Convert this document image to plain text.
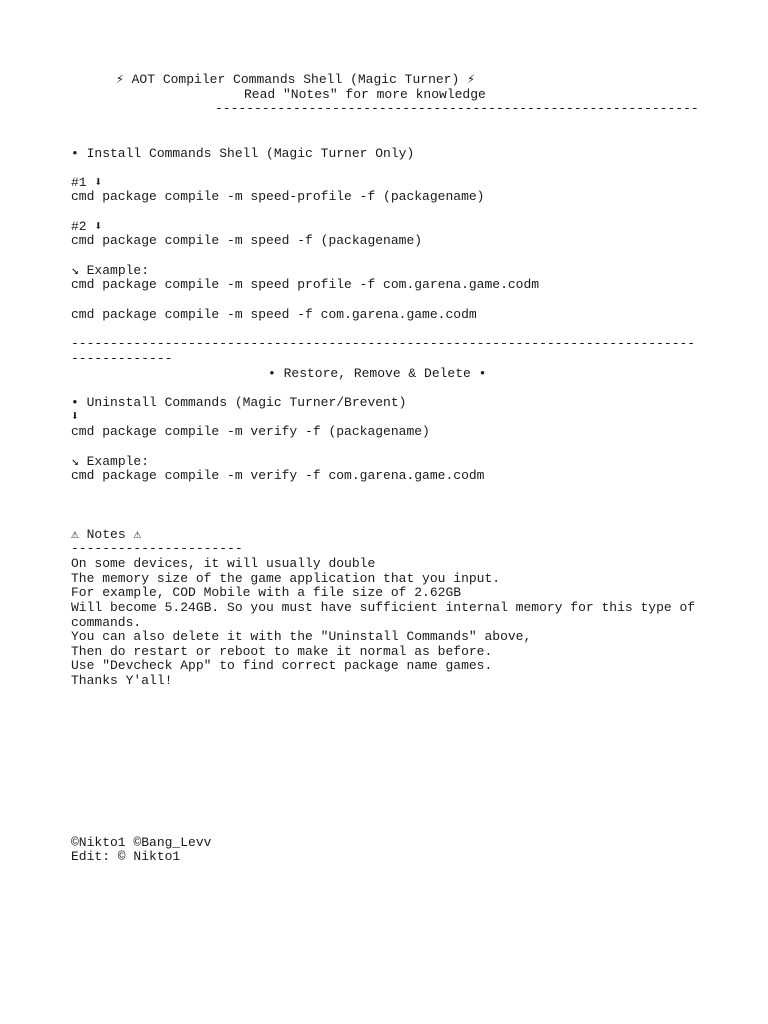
⚡ AOT Compiler Commands Shell (Magic Turner) ⚡
Read "Notes" for more knowledge
--------------------------------------------------------------
• Install Commands Shell (Magic Turner Only)
#1 ⬇
cmd package compile -m speed-profile -f (packagename)
#2 ⬇
cmd package compile -m speed -f (packagename)
↘ Example:
cmd package compile -m speed profile -f com.garena.game.codm
cmd package compile -m speed -f com.garena.game.codm
---------------------------------------------------------------------------------------------
• Restore, Remove & Delete •
• Uninstall Commands (Magic Turner/Brevent)
⬇
cmd package compile -m verify -f (packagename)
↘ Example:
cmd package compile -m verify -f com.garena.game.codm
⚠ Notes ⚠
----------------------
On some devices, it will usually double
The memory size of the game application that you input.
For example, COD Mobile with a file size of 2.62GB
Will become 5.24GB. So you must have sufficient internal memory for this type of commands.
You can also delete it with the "Uninstall Commands" above,
Then do restart or reboot to make it normal as before.
Use "Devcheck App" to find correct package name games.
Thanks Y'all!
©Nikto1 ©Bang_Levv
Edit: © Nikto1
